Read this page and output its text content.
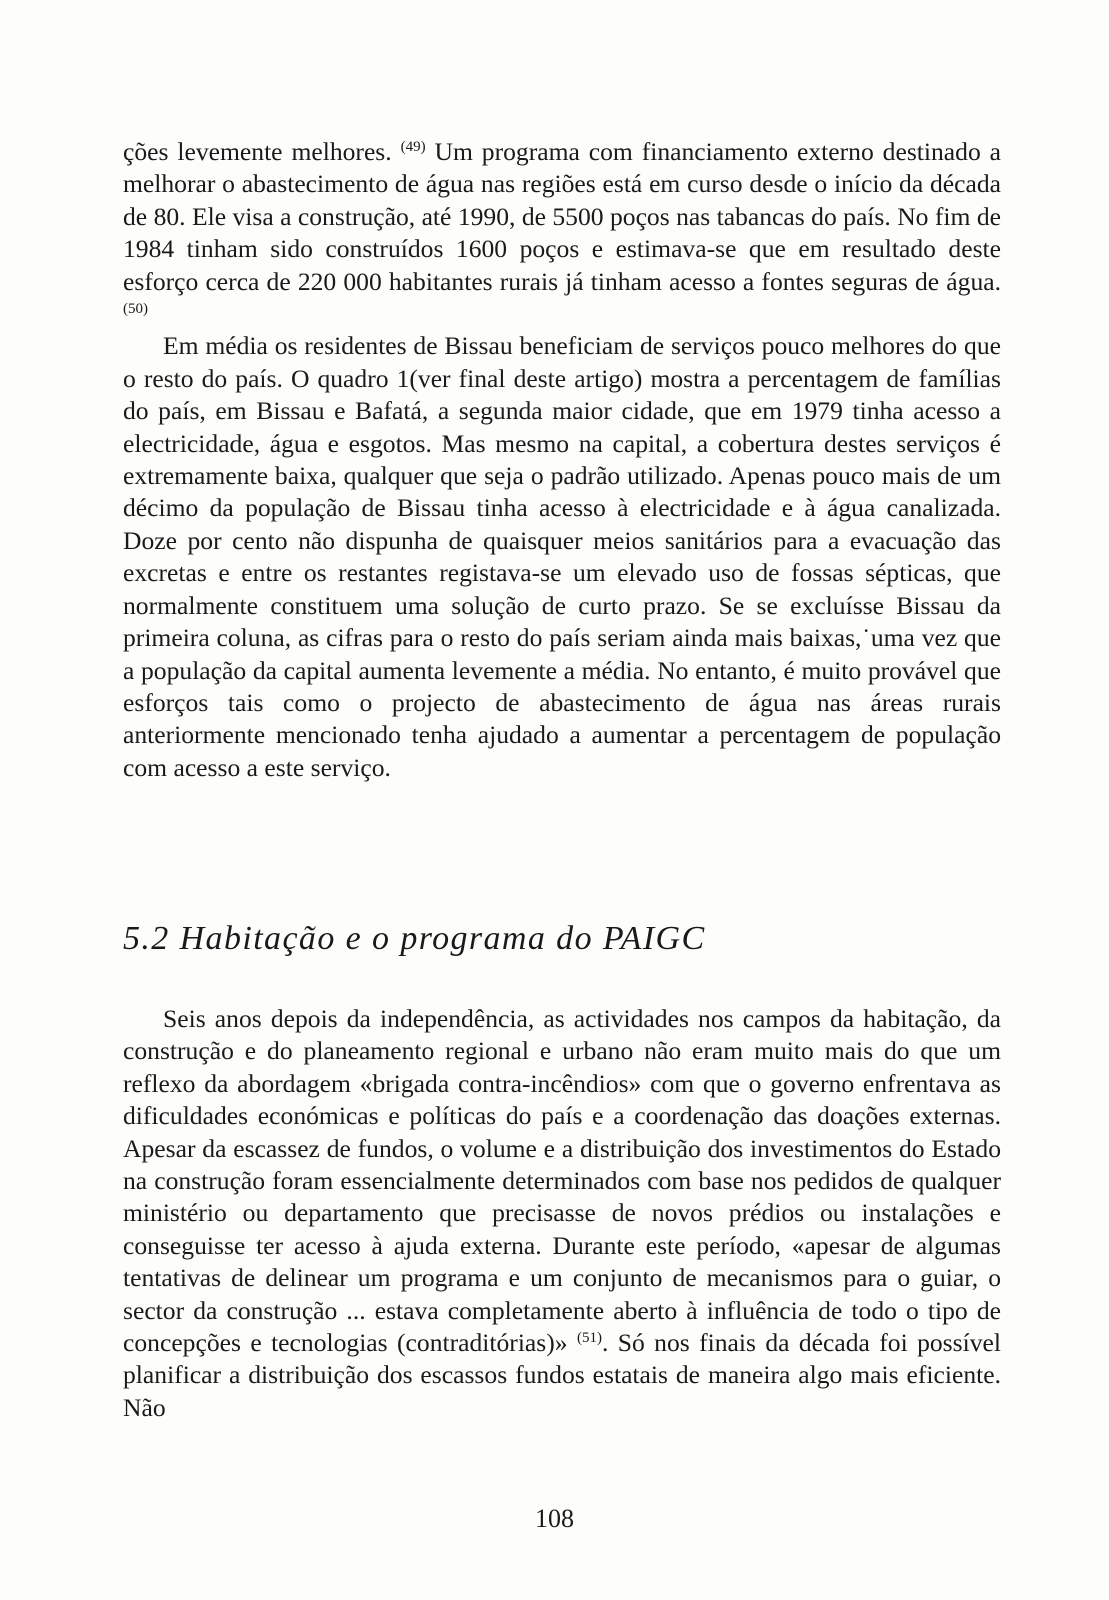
ções levemente melhores. $^{(49)}$ Um programa com financiamento externo destinado a melhorar o abastecimento de água nas regiões está em curso desde o início da década de 80. Ele visa a construção, até 1990, de 5500 poços nas tabancas do país. No fim de 1984 tinham sido construídos 1600 poços e estimava-se que em resultado deste esforço cerca de 220 000 habitantes rurais já tinham acesso a fontes seguras de água. $^{(50)}$

Em média os residentes de Bissau beneficiam de serviços pouco melhores do que o resto do país. O quadro 1(ver final deste artigo) mostra a percentagem de famílias do país, em Bissau e Bafatá, a segunda maior cidade, que em 1979 tinha acesso a electricidade, água e esgotos. Mas mesmo na capital, a cobertura destes serviços é extremamente baixa, qualquer que seja o padrão utilizado. Apenas pouco mais de um décimo da população de Bissau tinha acesso à electricidade e à água canalizada. Doze por cento não dispunha de quaisquer meios sanitários para a evacuação das excretas e entre os restantes registava-se um elevado uso de fossas sépticas, que normalmente constituem uma solução de curto prazo. Se se excluísse Bissau da primeira coluna, as cifras para o resto do país seriam ainda mais baixas,˙uma vez que a população da capital aumenta levemente a média. No entanto, é muito provável que esforços tais como o projecto de abastecimento de água nas áreas rurais anteriormente mencionado tenha ajudado a aumentar a percentagem de população com acesso a este serviço.

5.2 Habitação e o programa do PAIGC

Seis anos depois da independência, as actividades nos campos da habitação, da construção e do planeamento regional e urbano não eram muito mais do que um reflexo da abordagem «brigada contra-incêndios» com que o governo enfrentava as dificuldades económicas e políticas do país e a coordenação das doações externas. Apesar da escassez de fundos, o volume e a distribuição dos investimentos do Estado na construção foram essencialmente determinados com base nos pedidos de qualquer ministério ou departamento que precisasse de novos prédios ou instalações e conseguisse ter acesso à ajuda externa. Durante este período, «apesar de algumas tentativas de delinear um programa e um conjunto de mecanismos para o guiar, o sector da construção ... estava completamente aberto à influência de todo o tipo de concepções e tecnologias (contraditórias)» $^{(51)}$. Só nos finais da década foi possível planificar a distribuição dos escassos fundos estatais de maneira algo mais eficiente. Não

108
